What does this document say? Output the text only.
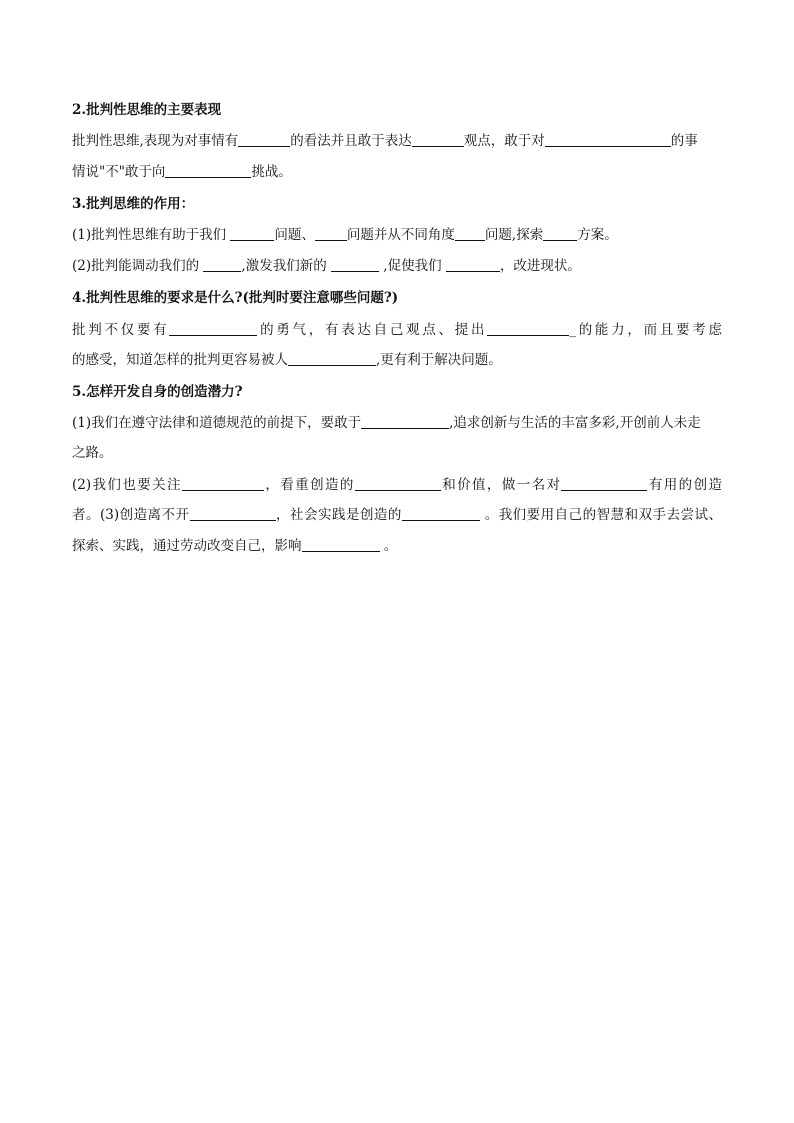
2.批判性思维的主要表现
批判性思维,表现为对事情有	的看法并且敢于表达	观点，敢于对	的事
情说"不"敢于向	挑战。
3.批判思维的作用：
(1)批判性思维有助于我们	问题、 问题并从不同角度 问题,探索	方案。
(2)批判能调动我们的	,激发我们新的	,促使我们	，改进现状。
4.批判性思维的要求是什么?(批判时要注意哪些问题?)
批判不仅要有	的勇气，有表达自己观点、提出	_的能力，而且要考虑
的感受，知道怎样的批判更容易被人	,更有利于解决问题。
5.怎样开发自身的创造潜力?
(1)我们在遵守法律和道德规范的前提下，要敢于	,追求创新与生活的丰富多彩,开创前人未走
之路。
(2)我们也要关注	，看重创造的	和价值，做一名对	有用的创造
者。(3)创造离不开	，社会实践是创造的	。我们要用自己的智慧和双手去尝试、
探索、实践，通过劳动改变自己，影响	。
